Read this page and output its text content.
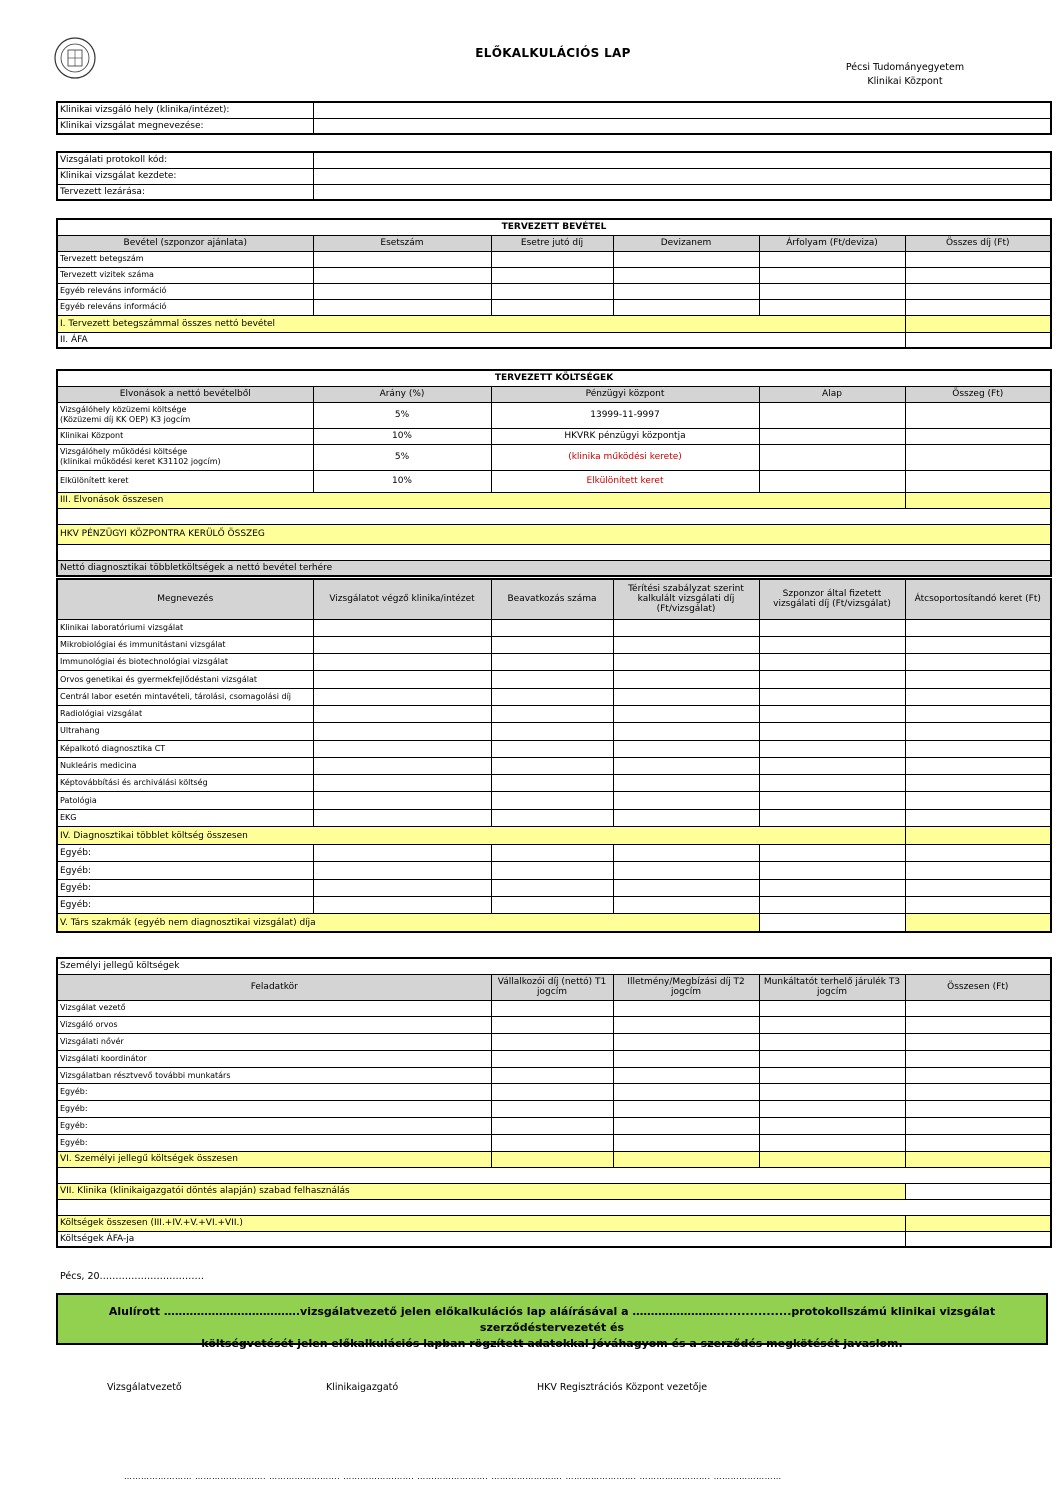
ELŐKALKULÁCIÓS LAP
Pécsi Tudományegyetem
Klinikai Központ
Klinikai vizsgáló hely (klinika/intézet):	
Klinikai vizsgálat megnevezése:	
Vizsgálati protokoll kód:	
Klinikai vizsgálat kezdete:	
Tervezett lezárása:	
TERVEZETT BEVÉTEL					
Bevétel (szponzor ajánlata)	Esetszám	Esetre jutó díj	Devizanem	Árfolyam (Ft/deviza)	Összes díj (Ft)
Tervezett betegszám					
Tervezett vizitek száma					
Egyéb releváns információ					
Egyéb releváns információ					
I. Tervezett betegszámmal összes nettó bevétel					
II. ÁFA					
TERVEZETT KÖLTSÉGEK				
Elvonások a nettó bevételből	Arány (%)	Pénzügyi központ	Alap	Összeg (Ft)
Vizsgálóhely közüzemi költsége
(Közüzemi díj KK OEP) K3 jogcím	5%	13999-11-9997		
Klinikai Központ	10%	HKVRK pénzügyi központja		
Vizsgálóhely működési költsége
(klinikai működési keret K31102 jogcím)	5%	(klinika működési kerete)		
Elkülönített keret	10%	Elkülönített keret		
III. Elvonások összesen				

HKV PÉNZÜGYI KÖZPONTRA KERÜLŐ ÖSSZEG				

Nettó diagnosztikai többletköltségek a nettó bevétel terhére				
Megnevezés	Vizsgálatot végző klinika/intézet	Beavatkozás száma	Térítési szabályzat szerint kalkulált vizsgálati díj (Ft/vizsgálat)	Szponzor által fizetett vizsgálati díj (Ft/vizsgálat)	Átcsoportosítandó keret (Ft)
Klinikai laboratóriumi vizsgálat					
Mikrobiológiai és immunitástani vizsgálat					
Immunológiai és biotechnológiai vizsgálat					
Orvos genetikai és gyermekfejlődéstani vizsgálat					
Centrál labor esetén mintavételi, tárolási, csomagolási díj					
Radiológiai vizsgálat					
Ultrahang					
Képalkotó diagnosztika CT					
Nukleáris medicina					
Képtovábbítási és archiválási költség					
Patológia					
EKG					
IV. Diagnosztikai többlet költség összesen					
Egyéb:					
Egyéb:					
Egyéb:					
Egyéb:					
V. Társ szakmák (egyéb nem diagnosztikai vizsgálat) díja					
Személyi jellegű költségek				
Feladatkör	Vállalkozói díj (nettó) T1 jogcím	Illetmény/Megbízási díj T2 jogcím	Munkáltatót terhelő járulék T3 jogcím	Összesen (Ft)
Vizsgálat vezető				
Vizsgáló orvos				
Vizsgálati nővér				
Vizsgálati koordinátor				
Vizsgálatban résztvevő további munkatárs				
Egyéb:				
Egyéb:				
Egyéb:				
Egyéb:				
VI. Személyi jellegű költségek összesen				

VII. Klinika (klinikaigazgatói döntés alapján) szabad felhasználás				

Költségek összesen (III.+IV.+V.+VI.+VII.)				
Költségek ÁFA-ja				
Pécs, 20……………………………
Alulírott ……………………………….vizsgálatvezető jelen előkalkulációs lap aláírásával a …………………….................protokollszámú klinikai vizsgálat szerződéstervezetét és
költségvetését jelen előkalkulációs lapban rögzített adatokkal jóváhagyom és a szerződés megkötését javaslom.
Vizsgálatvezető	Klinikaigazgató	HKV Regisztrációs Központ vezetője
…………………… ……………………. ……………………. ……………………. ……………………. ……………………. ……………………. ……………………. ……………………
